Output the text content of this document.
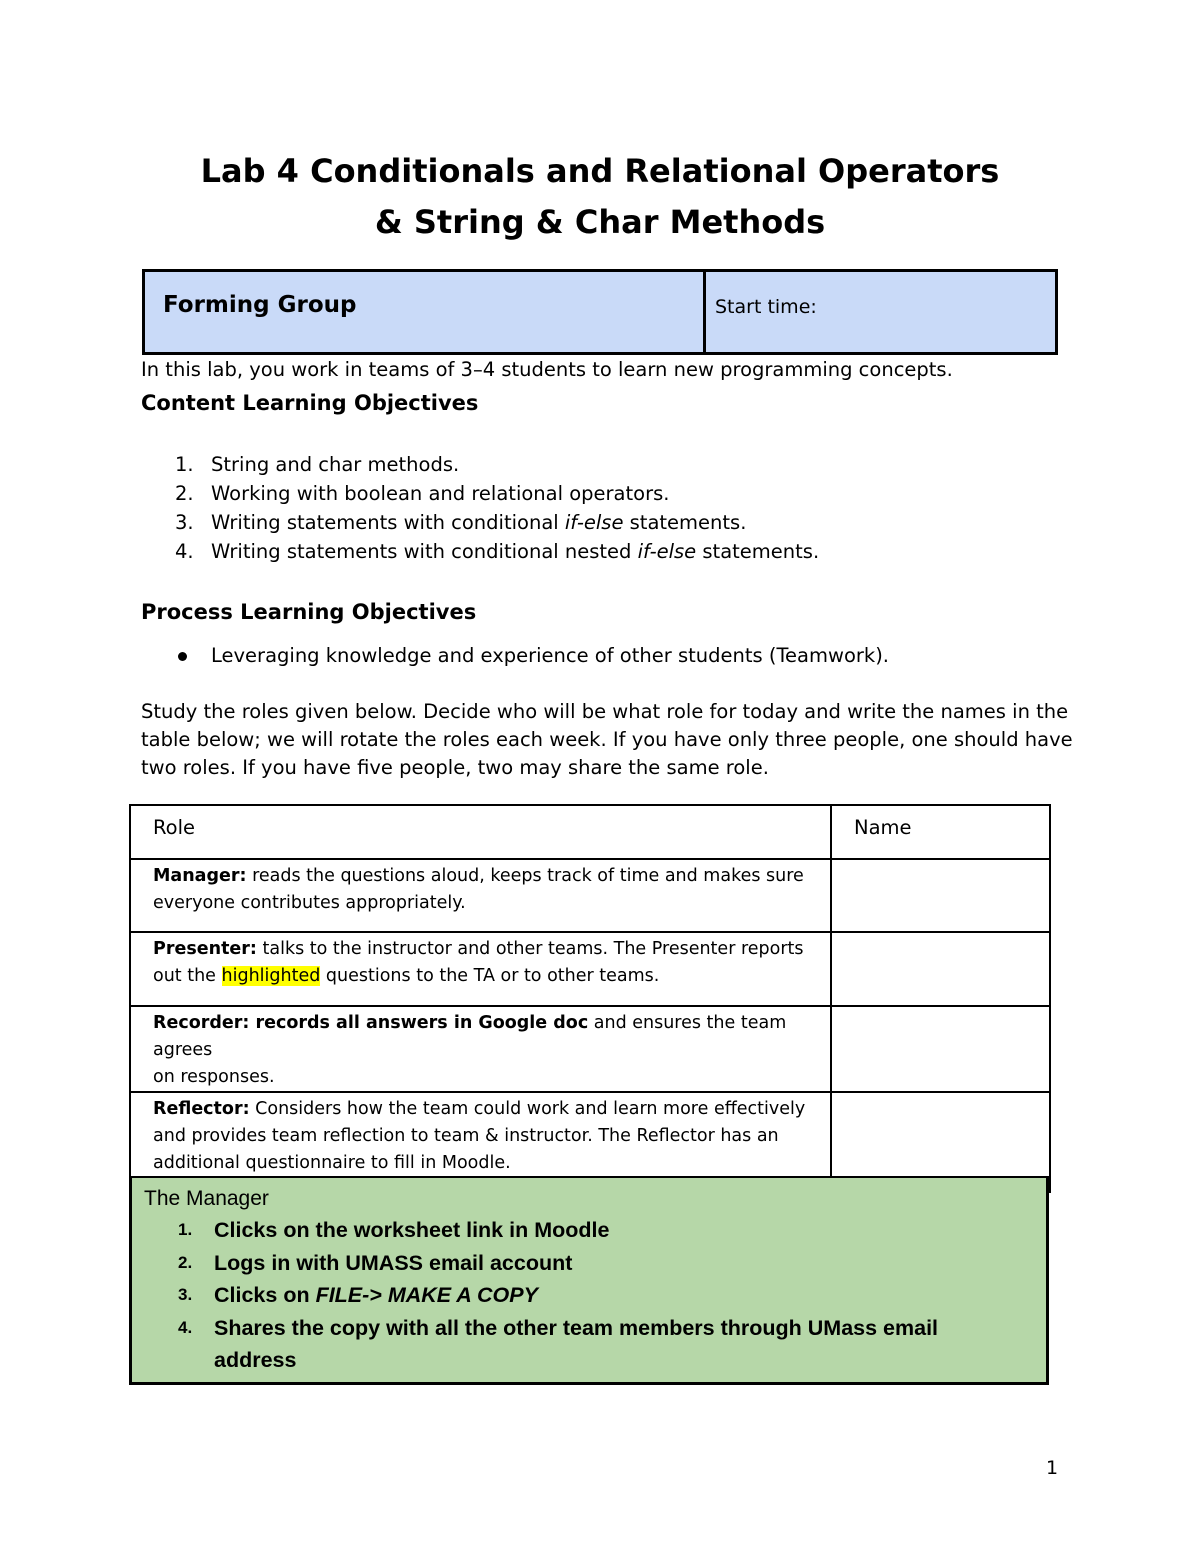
Lab 4 Conditionals and Relational Operators
& String & Char Methods
Forming Group	Start time:
In this lab, you work in teams of 3–4 students to learn new programming concepts.
Content Learning Objectives
1. String and char methods.
2. Working with boolean and relational operators.
3. Writing statements with conditional if-else statements.
4. Writing statements with conditional nested if-else statements.
Process Learning Objectives
Leveraging knowledge and experience of other students (Teamwork).
Study the roles given below. Decide who will be what role for today and write the names in the
table below; we will rotate the roles each week. If you have only three people, one should have
two roles. If you have five people, two may share the same role.
Role	Name

Manager: reads the questions aloud, keeps track of time and makes sure
everyone contributes appropriately.	

Presenter: talks to the instructor and other teams. The Presenter reports
out the highlighted questions to the TA or to other teams.	

Recorder: records all answers in Google doc and ensures the team agrees
on responses.	

Reflector: Considers how the team could work and learn more effectively
and provides team reflection to team & instructor. The Reflector has an
additional questionnaire to fill in Moodle.	

The Manager
1. Clicks on the worksheet link in Moodle
2. Logs in with UMASS email account
3. Clicks on FILE-> MAKE A COPY
4. Shares the copy with all the other team members through UMass email address
1
